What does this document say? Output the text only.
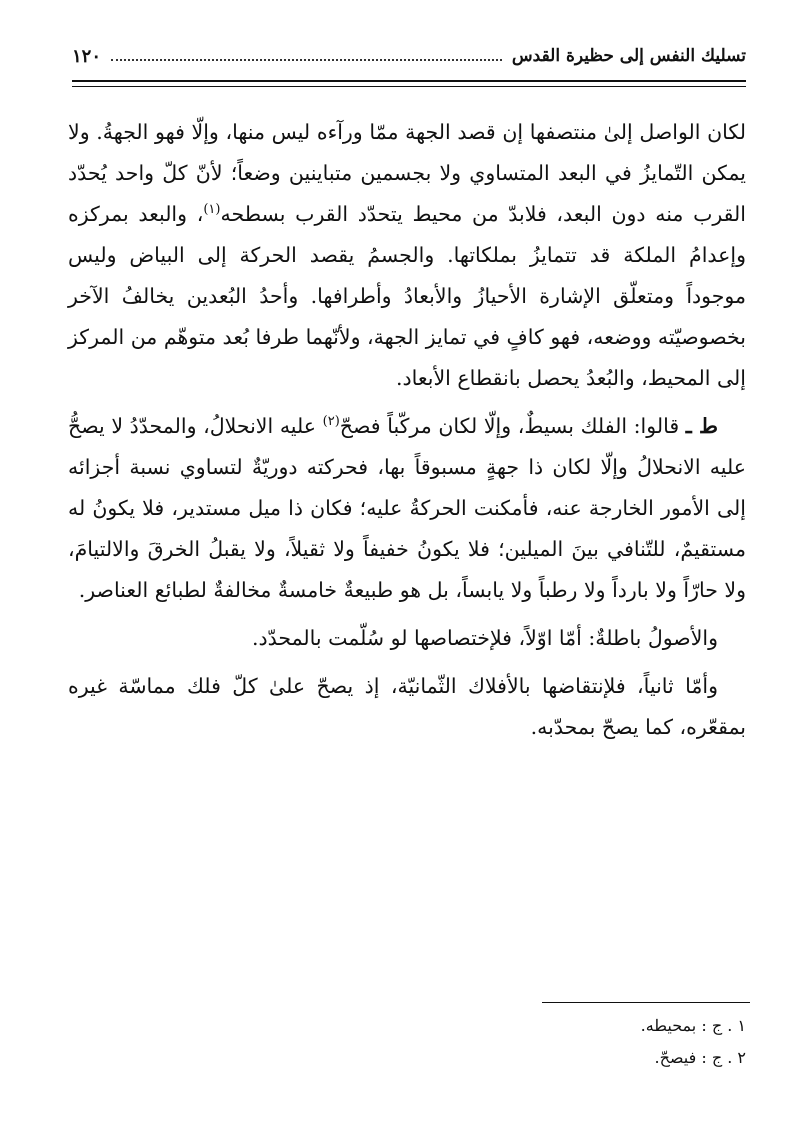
تسليك النفس إلى حظيرة القدس
١٢٠

لكان الواصل إلىٰ منتصفها إن قصد الجهة ممّا ورآءه ليس منها، وإلّا فهو الجهةُ. ولا يمكن التّمايزُ في البعد المتساوي ولا بجسمين متباينين وضعاً؛ لأنّ كلّ واحد يُحدّد القرب منه دون البعد، فلابدّ من محيط يتحدّد القرب بسطحه$^{(١)}$، والبعد بمركزه وإعدامُ الملكة قد تتمايزُ بملكاتها. والجسمُ يقصد الحركة إلى البياض وليس موجوداً ومتعلّق الإشارة الأحيازُ والأبعادُ وأطرافها. وأحدُ البُعدين يخالفُ الآخر بخصوصيّته ووضعه، فهو كافٍ في تمايز الجهة، ولأنّهما طرفا بُعد متوهّم من المركز إلى المحيط، والبُعدُ يحصل بانقطاع الأبعاد.

ط ـ قالوا: الفلك بسيطٌ، وإلّا لكان مركّباً فصحّ$^{(٢)}$ عليه الانحلالُ، والمحدّدُ لا يصحُّ عليه الانحلالُ وإلّا لكان ذا جهةٍ مسبوقاً بها، فحركته دوريّةٌ لتساوي نسبة أجزائه إلى الأمور الخارجة عنه، فأمكنت الحركةُ عليه؛ فكان ذا ميل مستدير، فلا يكونُ له مستقيمٌ، للتّنافي بينَ الميلين؛ فلا يكونُ خفيفاً ولا ثقيلاً، ولا يقبلُ الخرقَ والالتيامَ، ولا حارّاً ولا بارداً ولا رطباً ولا يابساً، بل هو طبيعةٌ خامسةٌ مخالفةٌ لطبائع العناصر.

والأصولُ باطلةٌ: أمّا اوّلاً، فلإختصاصها لو سُلّمت بالمحدّد.

وأمّا ثانياً، فلإنتقاضها بالأفلاك الثّمانيّة، إذ يصحّ علىٰ كلّ فلك مماسّة غيره بمقعّره، كما يصحّ بمحدّبه.

١ . ج : بمحيطه.
٢ . ج : فيصحّ.
